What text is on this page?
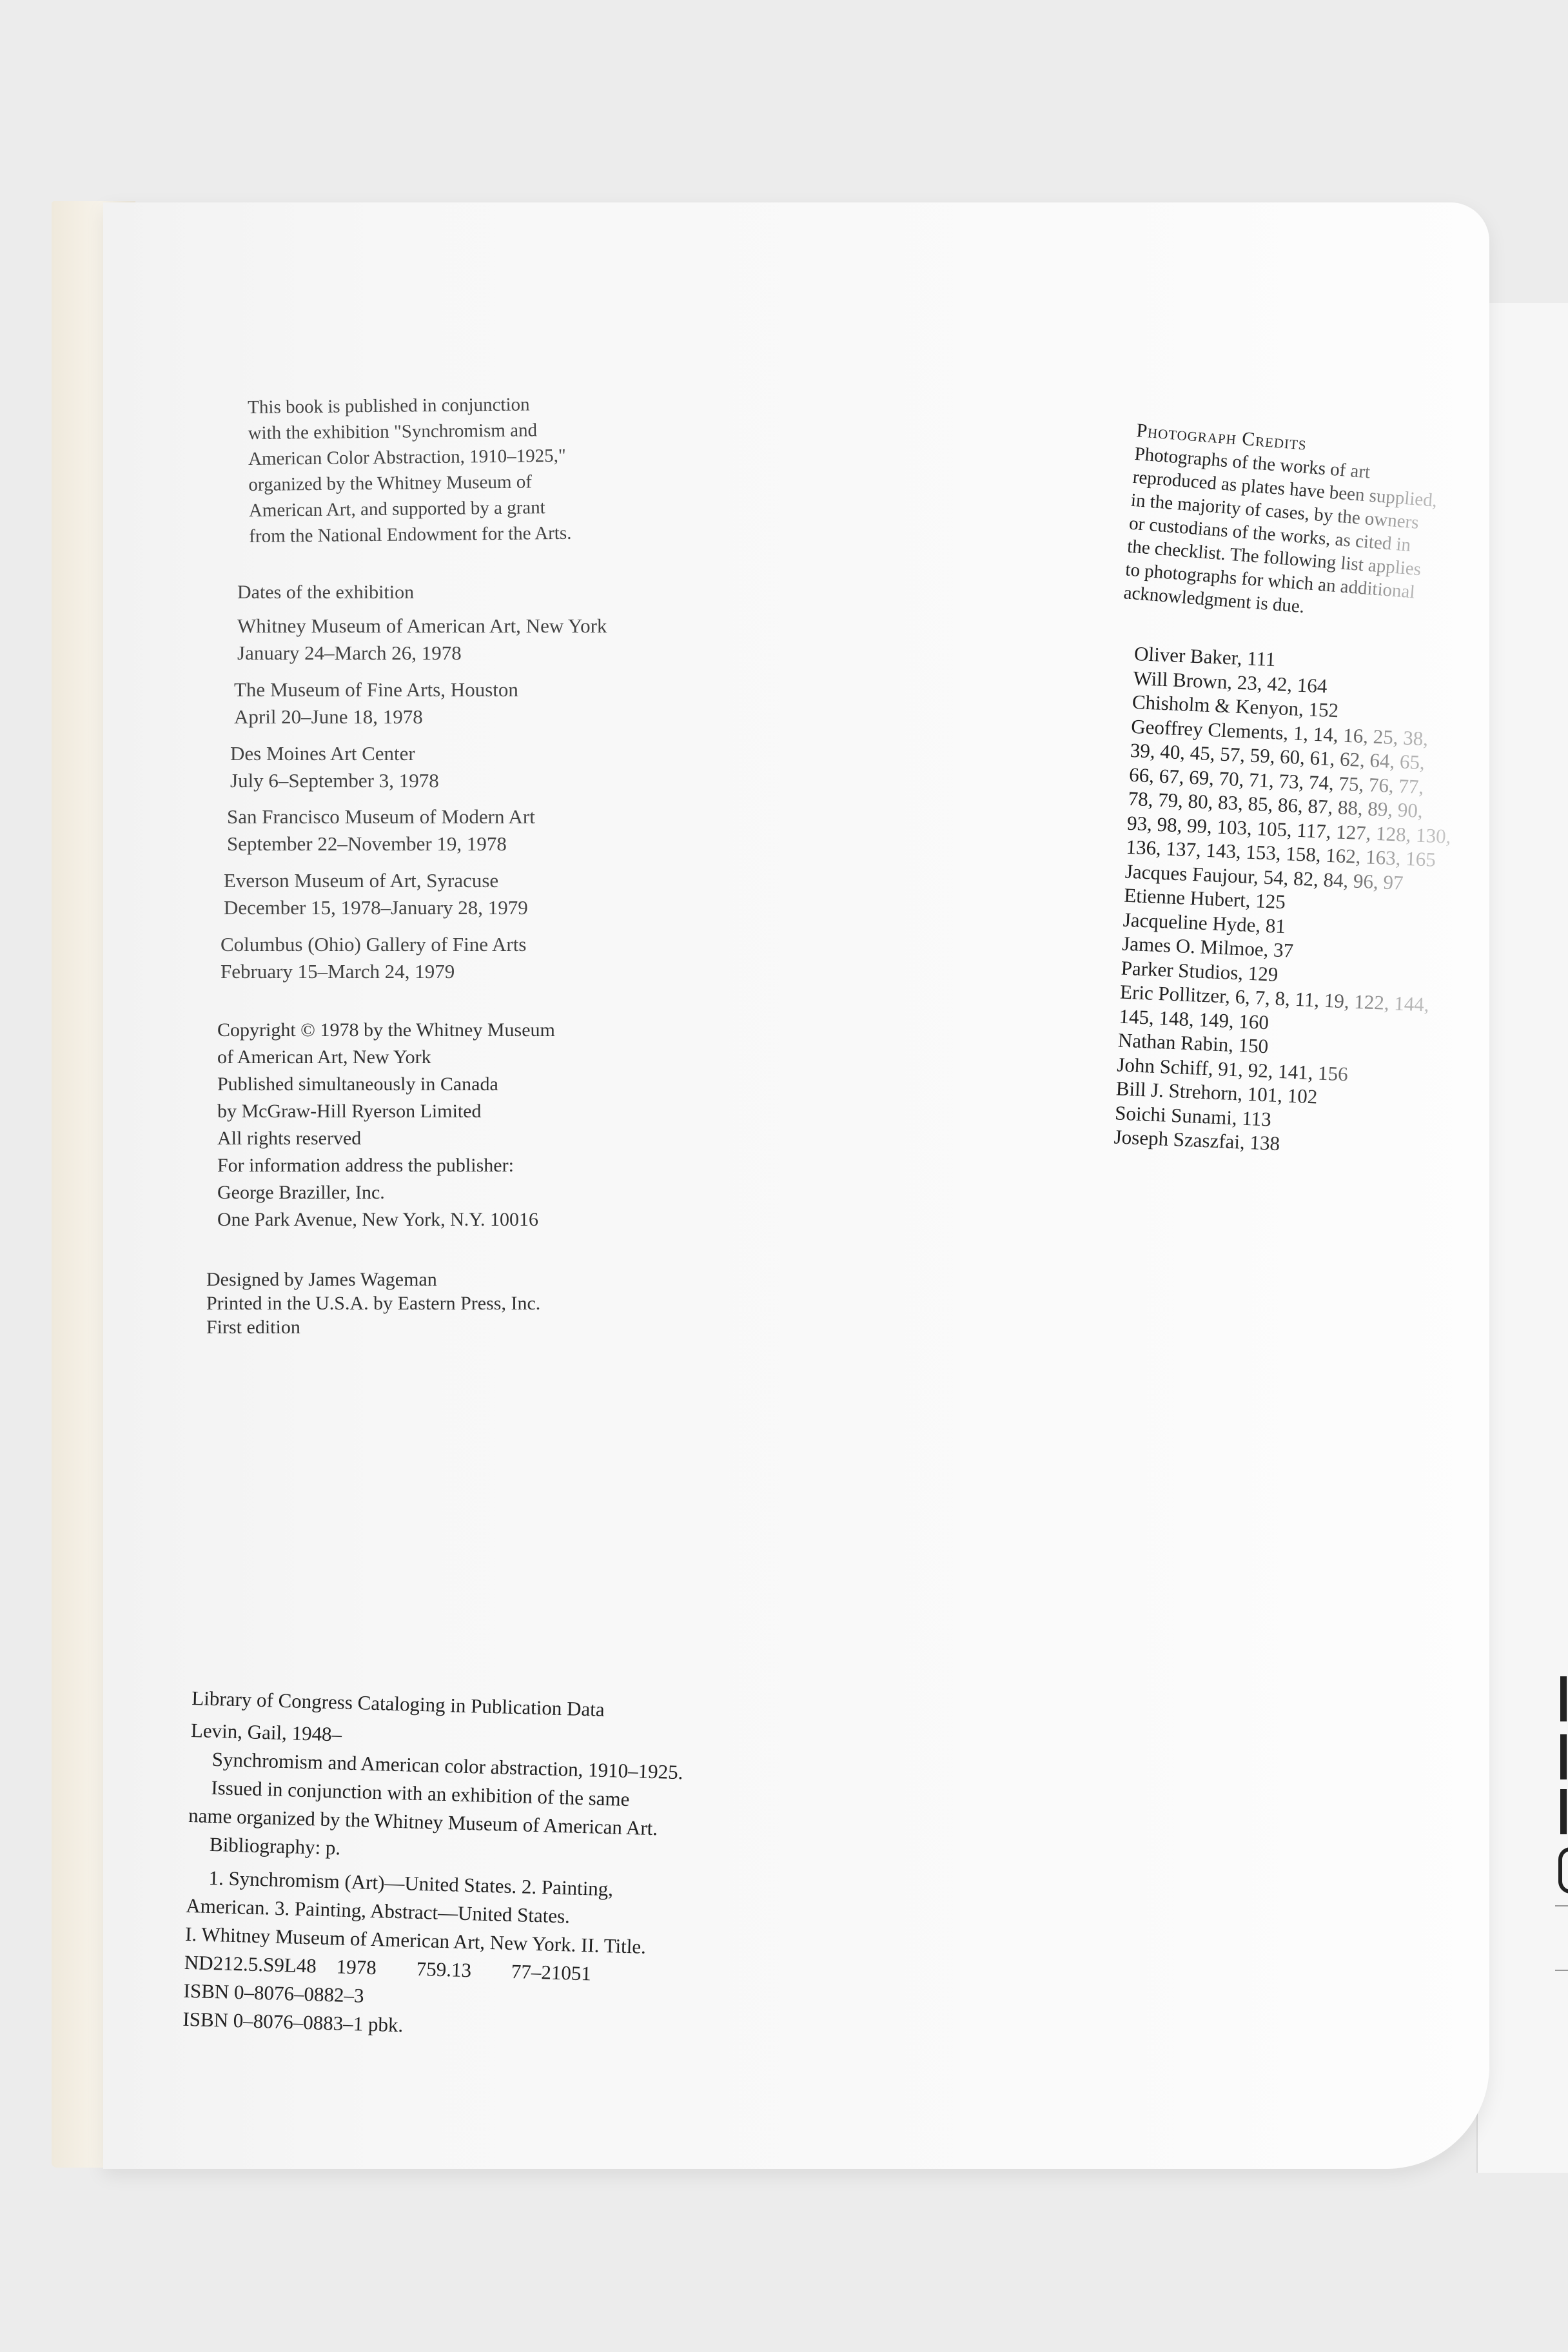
This book is published in conjunction
with the exhibition "Synchromism and
American Color Abstraction, 1910–1925,"
organized by the Whitney Museum of
American Art, and supported by a grant
from the National Endowment for the Arts.
Dates of the exhibition
Whitney Museum of American Art, New York
January 24–March 26, 1978
The Museum of Fine Arts, Houston
April 20–June 18, 1978
Des Moines Art Center
July 6–September 3, 1978
San Francisco Museum of Modern Art
September 22–November 19, 1978
Everson Museum of Art, Syracuse
December 15, 1978–January 28, 1979
Columbus (Ohio) Gallery of Fine Arts
February 15–March 24, 1979
Copyright © 1978 by the Whitney Museum
of American Art, New York
Published simultaneously in Canada
by McGraw-Hill Ryerson Limited
All rights reserved
For information address the publisher:
George Braziller, Inc.
One Park Avenue, New York, N.Y. 10016
Designed by James Wageman
Printed in the U.S.A. by Eastern Press, Inc.
First edition
Library of Congress Cataloging in Publication Data
Levin, Gail, 1948–
Synchromism and American color abstraction, 1910–1925.
Issued in conjunction with an exhibition of the same
name organized by the Whitney Museum of American Art.
Bibliography: p.
1. Synchromism (Art)—United States. 2. Painting,
American. 3. Painting, Abstract—United States.
I. Whitney Museum of American Art, New York. II. Title.
ND212.5.S9L48    1978        759.13        77–21051
ISBN 0–8076–0882–3
ISBN 0–8076–0883–1 pbk.
Photograph Credits
Photographs of the works of art
reproduced as plates have been supplied,
in the majority of cases, by the owners
or custodians of the works, as cited in
the checklist. The following list applies
to photographs for which an additional
acknowledgment is due.
Oliver Baker, 111
Will Brown, 23, 42, 164
Chisholm & Kenyon, 152
Geoffrey Clements, 1, 14, 16, 25, 38,
39, 40, 45, 57, 59, 60, 61, 62, 64, 65,
66, 67, 69, 70, 71, 73, 74, 75, 76, 77,
78, 79, 80, 83, 85, 86, 87, 88, 89, 90,
93, 98, 99, 103, 105, 117, 127, 128, 130,
136, 137, 143, 153, 158, 162, 163, 165
Jacques Faujour, 54, 82, 84, 96, 97
Etienne Hubert, 125
Jacqueline Hyde, 81
James O. Milmoe, 37
Parker Studios, 129
Eric Pollitzer, 6, 7, 8, 11, 19, 122, 144,
145, 148, 149, 160
Nathan Rabin, 150
John Schiff, 91, 92, 141, 156
Bill J. Strehorn, 101, 102
Soichi Sunami, 113
Joseph Szaszfai, 138
